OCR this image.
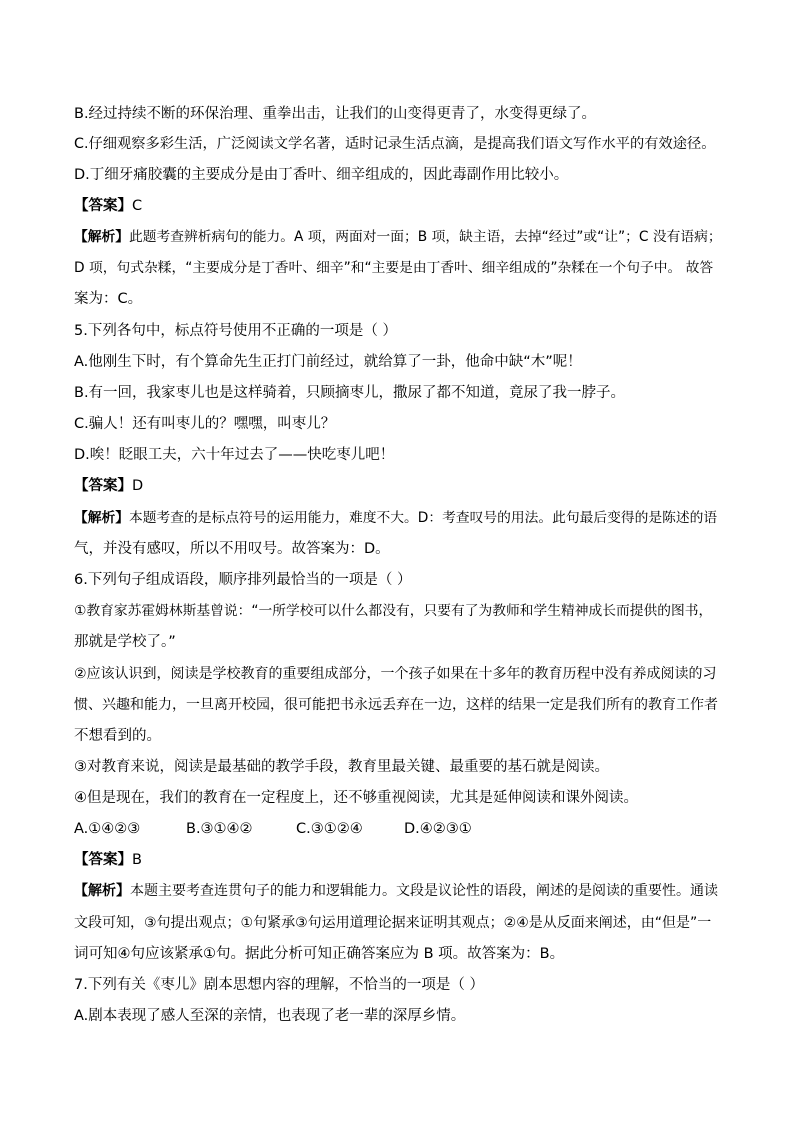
B.经过持续不断的环保治理、重拳出击，让我们的山变得更青了，水变得更绿了。
C.仔细观察多彩生活，广泛阅读文学名著，适时记录生活点滴，是提高我们语文写作水平的有效途径。
D.丁细牙痛胶囊的主要成分是由丁香叶、细辛组成的，因此毒副作用比较小。
【答案】C
【解析】此题考查辨析病句的能力。A 项，两面对一面；B 项，缺主语，去掉“经过”或“让”；C 没有语病；
D 项，句式杂糅，“主要成分是丁香叶、细辛”和“主要是由丁香叶、细辛组成的”杂糅在一个句子中。 故答
案为：C。
5.下列各句中，标点符号使用不正确的一项是（ ）
A.他刚生下时，有个算命先生正打门前经过，就给算了一卦，他命中缺“木”呢！
B.有一回，我家枣儿也是这样骑着，只顾摘枣儿，撒尿了都不知道，竟尿了我一脖子。
C.骗人！还有叫枣儿的？嘿嘿，叫枣儿？
D.唉！眨眼工夫，六十年过去了——快吃枣儿吧！
【答案】D
【解析】本题考查的是标点符号的运用能力，难度不大。D：考查叹号的用法。此句最后变得的是陈述的语
气，并没有感叹，所以不用叹号。故答案为：D。
6.下列句子组成语段，顺序排列最恰当的一项是（ ）
①教育家苏霍姆林斯基曾说：“一所学校可以什么都没有，只要有了为教师和学生精神成长而提供的图书，
那就是学校了。”
②应该认识到，阅读是学校教育的重要组成部分，一个孩子如果在十多年的教育历程中没有养成阅读的习
惯、兴趣和能力，一旦离开校园，很可能把书永远丢弃在一边，这样的结果一定是我们所有的教育工作者
不想看到的。
③对教育来说，阅读是最基础的教学手段，教育里最关键、最重要的基石就是阅读。
④但是现在，我们的教育在一定程度上，还不够重视阅读，尤其是延伸阅读和课外阅读。
A.①④②③	B.③①④②	C.③①②④	D.④②③①
【答案】B
【解析】本题主要考查连贯句子的能力和逻辑能力。文段是议论性的语段，阐述的是阅读的重要性。通读
文段可知，③句提出观点；①句紧承③句运用道理论据来证明其观点；②④是从反面来阐述，由“但是”一
词可知④句应该紧承①句。据此分析可知正确答案应为 B 项。故答案为：B。
7.下列有关《枣儿》剧本思想内容的理解，不恰当的一项是（ ）
A.剧本表现了感人至深的亲情，也表现了老一辈的深厚乡情。
